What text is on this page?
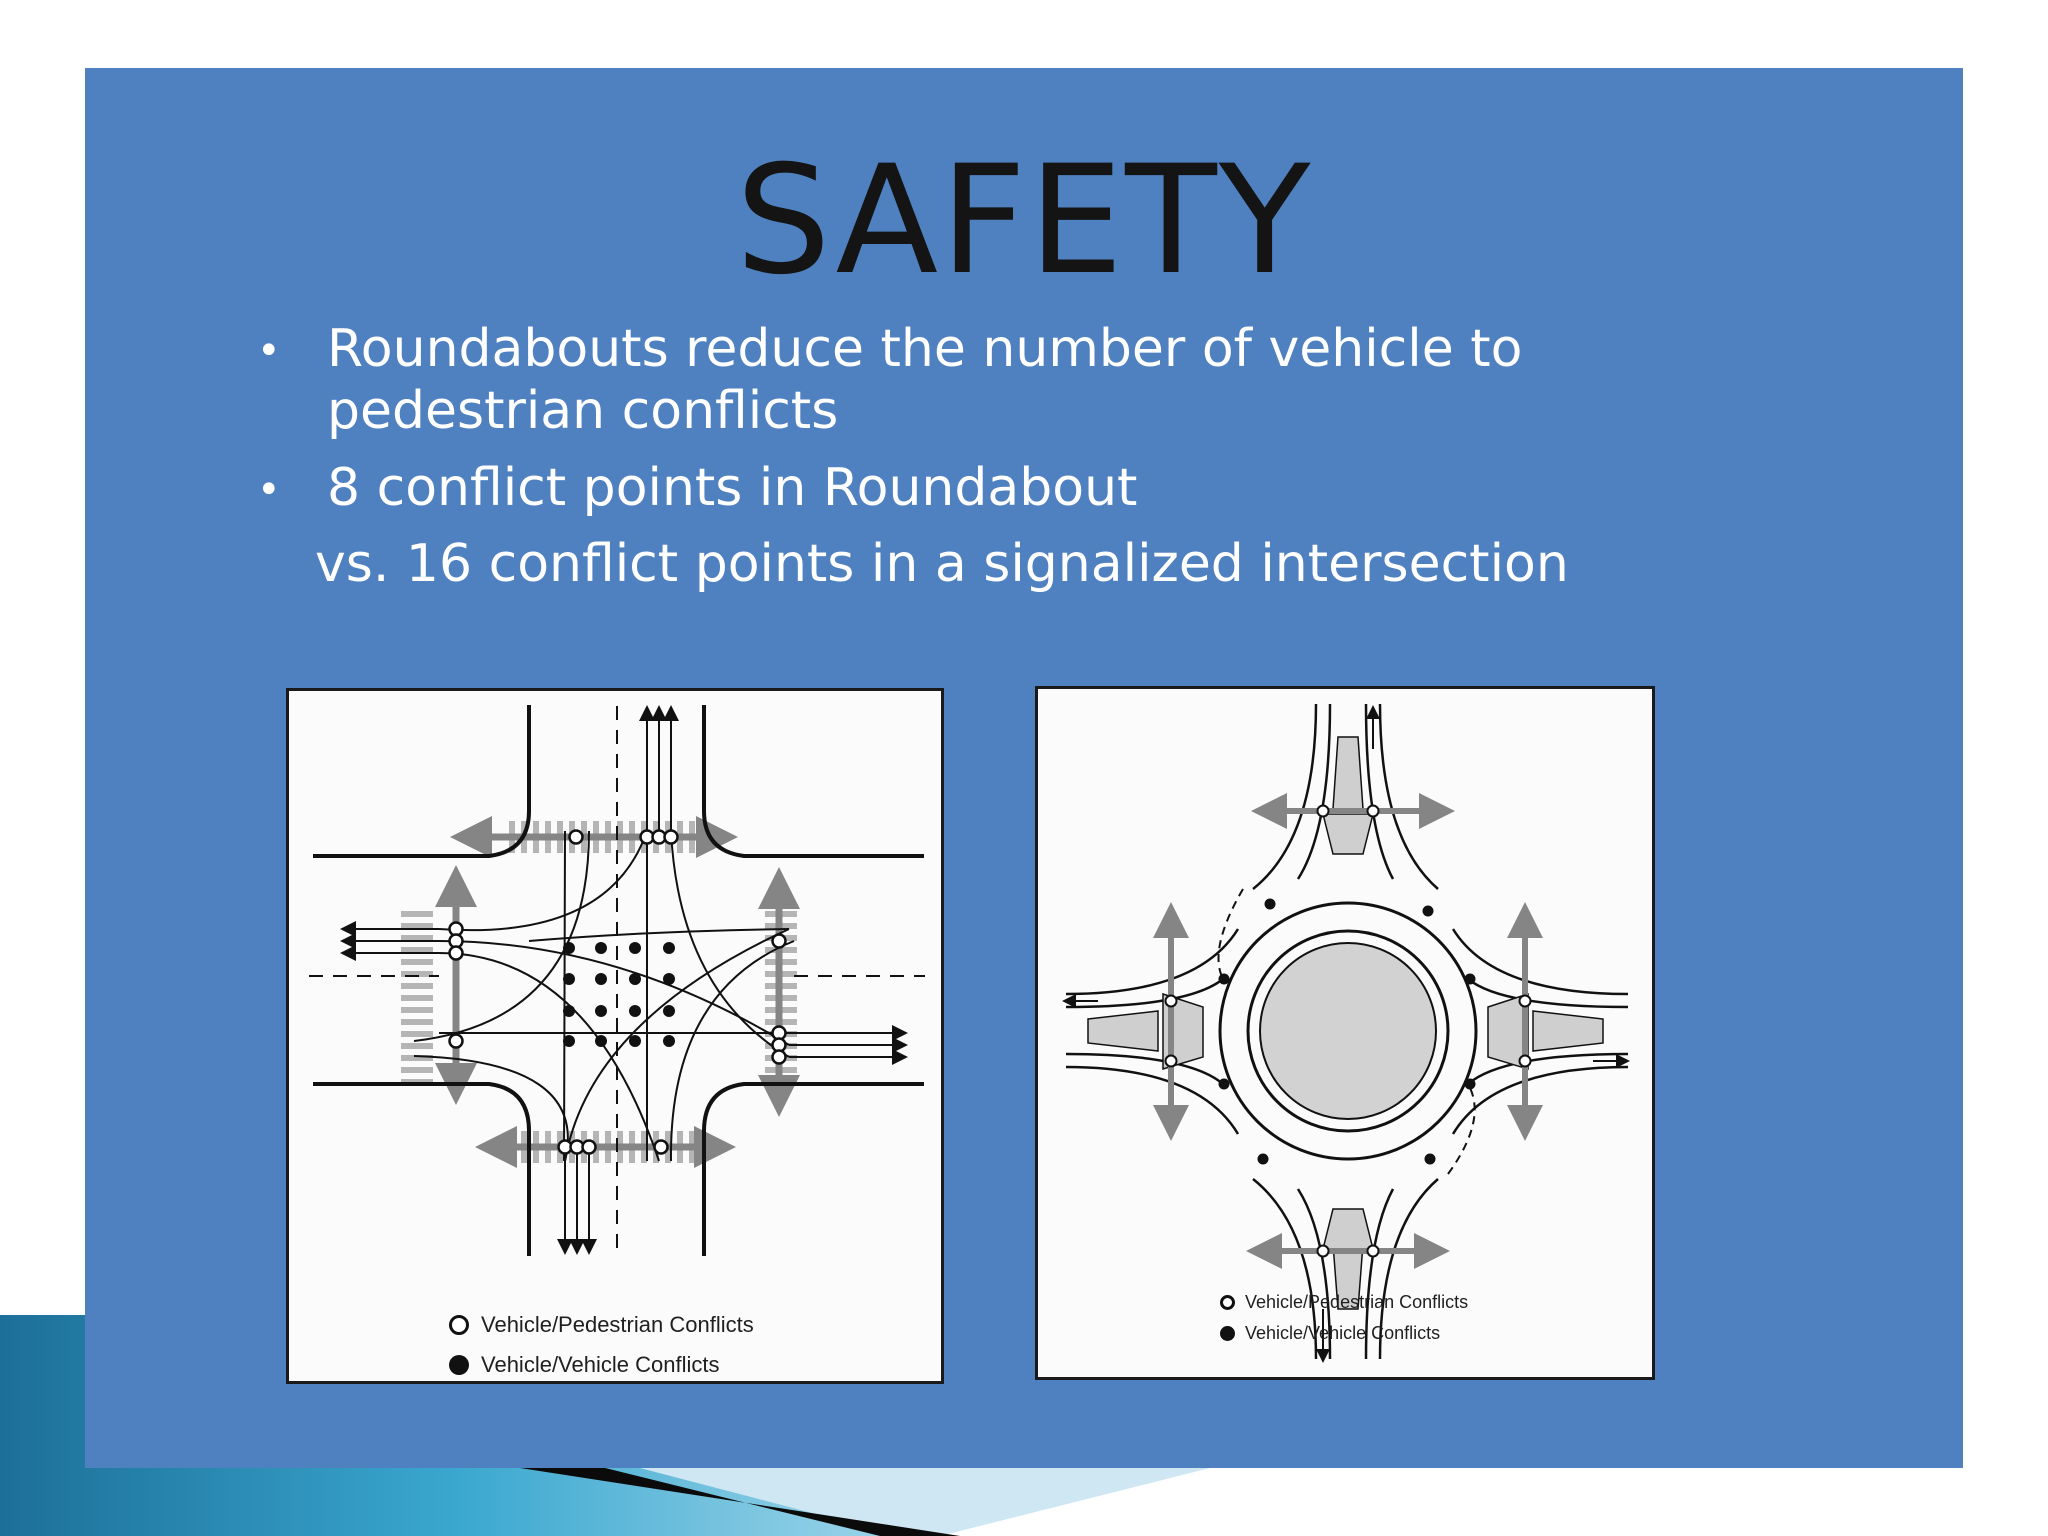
SAFETY
• Roundabouts reduce the number of vehicle to pedestrian conflicts
• 8 conflict points in Roundabout
vs. 16 conflict points in a signalized intersection
Vehicle/Pedestrian Conflicts
Vehicle/Vehicle Conflicts
Vehicle/Pedestrian Conflicts
Vehicle/Vehicle Conflicts
